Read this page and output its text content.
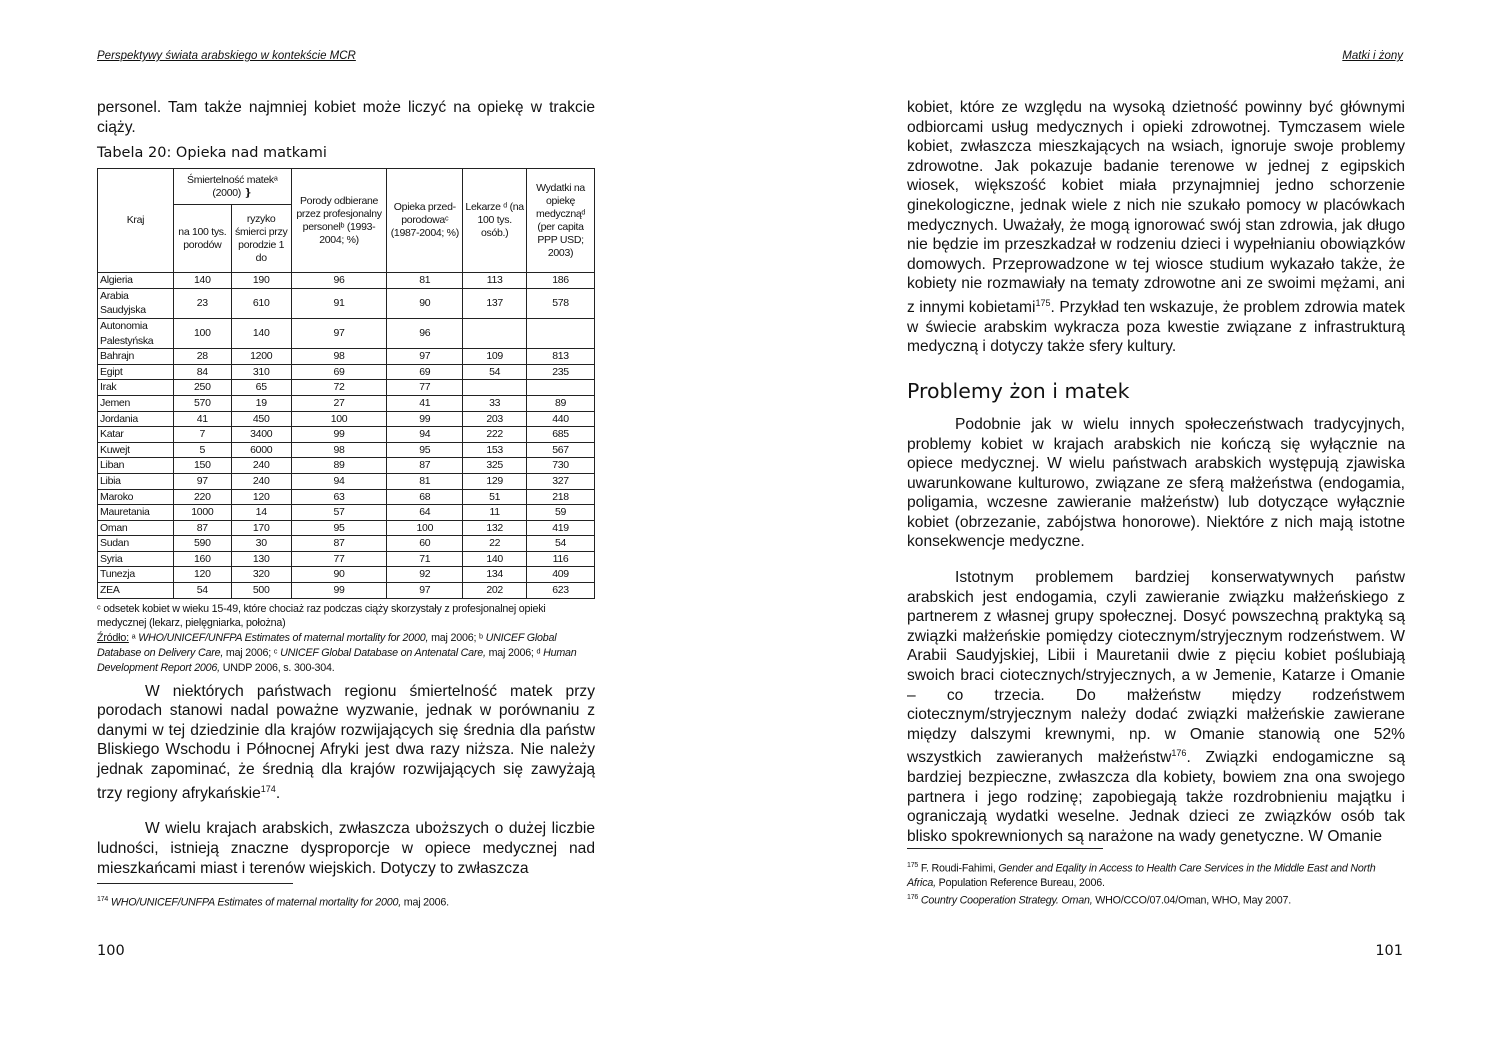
Perspektywy świata arabskiego w kontekście MCR

personel. Tam także najmniej kobiet może liczyć na opiekę w trakcie ciąży.

Tabela 20: Opieka nad matkami
Kraj	Śmiertelność matekᵃ (2000) ❵		Porody odbierane przez profesjonalny personelᵇ (1993-2004; %)	Opieka przed-porodowaᶜ (1987-2004; %)	Lekarze ᵈ (na 100 tys. osób.)	Wydatki na opiekę medycznąᵈ (per capita PPP USD; 2003)
	na 100 tys. porodów	ryzyko śmierci przy porodzie 1 do				
Algieria	140	190	96	81	113	186
Arabia Saudyjska	23	610	91	90	137	578
Autonomia Palestyńska	100	140	97	96		
Bahrajn	28	1200	98	97	109	813
Egipt	84	310	69	69	54	235
Irak	250	65	72	77		
Jemen	570	19	27	41	33	89
Jordania	41	450	100	99	203	440
Katar	7	3400	99	94	222	685
Kuwejt	5	6000	98	95	153	567
Liban	150	240	89	87	325	730
Libia	97	240	94	81	129	327
Maroko	220	120	63	68	51	218
Mauretania	1000	14	57	64	11	59
Oman	87	170	95	100	132	419
Sudan	590	30	87	60	22	54
Syria	160	130	77	71	140	116
Tunezja	120	320	90	92	134	409
ZEA	54	500	99	97	202	623
ᶜ odsetek kobiet w wieku 15-49, które chociaż raz podczas ciąży skorzystały z profesjonalnej opieki medycznej (lekarz, pielęgniarka, położna)
Źródło: ᵃ WHO/UNICEF/UNFPA Estimates of maternal mortality for 2000, maj 2006; ᵇ UNICEF Global Database on Delivery Care, maj 2006; ᶜ UNICEF Global Database on Antenatal Care, maj 2006; ᵈ Human Development Report 2006, UNDP 2006, s. 300-304.

W niektórych państwach regionu śmiertelność matek przy porodach stanowi nadal poważne wyzwanie, jednak w porównaniu z danymi w tej dziedzinie dla krajów rozwijających się średnia dla państw Bliskiego Wschodu i Północnej Afryki jest dwa razy niższa. Nie należy jednak zapominać, że średnią dla krajów rozwijających się zawyżają trzy regiony afrykańskie$^{174}$.

W wielu krajach arabskich, zwłaszcza uboższych o dużej liczbie ludności, istnieją znaczne dysproporcje w opiece medycznej nad mieszkańcami miast i terenów wiejskich. Dotyczy to zwłaszcza

$^{174}$ WHO/UNICEF/UNFPA Estimates of maternal mortality for 2000, maj 2006.
100
Matki i żony

kobiet, które ze względu na wysoką dzietność powinny być głównymi odbiorcami usług medycznych i opieki zdrowotnej. Tymczasem wiele kobiet, zwłaszcza mieszkających na wsiach, ignoruje swoje problemy zdrowotne. Jak pokazuje badanie terenowe w jednej z egipskich wiosek, większość kobiet miała przynajmniej jedno schorzenie ginekologiczne, jednak wiele z nich nie szukało pomocy w placówkach medycznych. Uważały, że mogą ignorować swój stan zdrowia, jak długo nie będzie im przeszkadzał w rodzeniu dzieci i wypełnianiu obowiązków domowych. Przeprowadzone w tej wiosce studium wykazało także, że kobiety nie rozmawiały na tematy zdrowotne ani ze swoimi mężami, ani z innymi kobietami$^{175}$. Przykład ten wskazuje, że problem zdrowia matek w świecie arabskim wykracza poza kwestie związane z infrastrukturą medyczną i dotyczy także sfery kultury.

Problemy żon i matek

Podobnie jak w wielu innych społeczeństwach tradycyjnych, problemy kobiet w krajach arabskich nie kończą się wyłącznie na opiece medycznej. W wielu państwach arabskich występują zjawiska uwarunkowane kulturowo, związane ze sferą małżeństwa (endogamia, poligamia, wczesne zawieranie małżeństw) lub dotyczące wyłącznie kobiet (obrzezanie, zabójstwa honorowe). Niektóre z nich mają istotne konsekwencje medyczne.

Istotnym problemem bardziej konserwatywnych państw arabskich jest endogamia, czyli zawieranie związku małżeńskiego z partnerem z własnej grupy społecznej. Dosyć powszechną praktyką są związki małżeńskie pomiędzy ciotecznym/stryjecznym rodzeństwem. W Arabii Saudyjskiej, Libii i Mauretanii dwie z pięciu kobiet poślubiają swoich braci ciotecznych/stryjecznych, a w Jemenie, Katarze i Omanie – co trzecia. Do małżeństw między rodzeństwem ciotecznym/stryjecznym należy dodać związki małżeńskie zawierane między dalszymi krewnymi, np. w Omanie stanowią one 52% wszystkich zawieranych małżeństw$^{176}$. Związki endogamiczne są bardziej bezpieczne, zwłaszcza dla kobiety, bowiem zna ona swojego partnera i jego rodzinę; zapobiegają także rozdrobnieniu majątku i ograniczają wydatki weselne. Jednak dzieci ze związków osób tak blisko spokrewnionych są narażone na wady genetyczne. W Omanie

$^{175}$ F. Roudi-Fahimi, Gender and Eqality in Access to Health Care Services in the Middle East and North Africa, Population Reference Bureau, 2006.
$^{176}$ Country Cooperation Strategy. Oman, WHO/CCO/07.04/Oman, WHO, May 2007.
101
